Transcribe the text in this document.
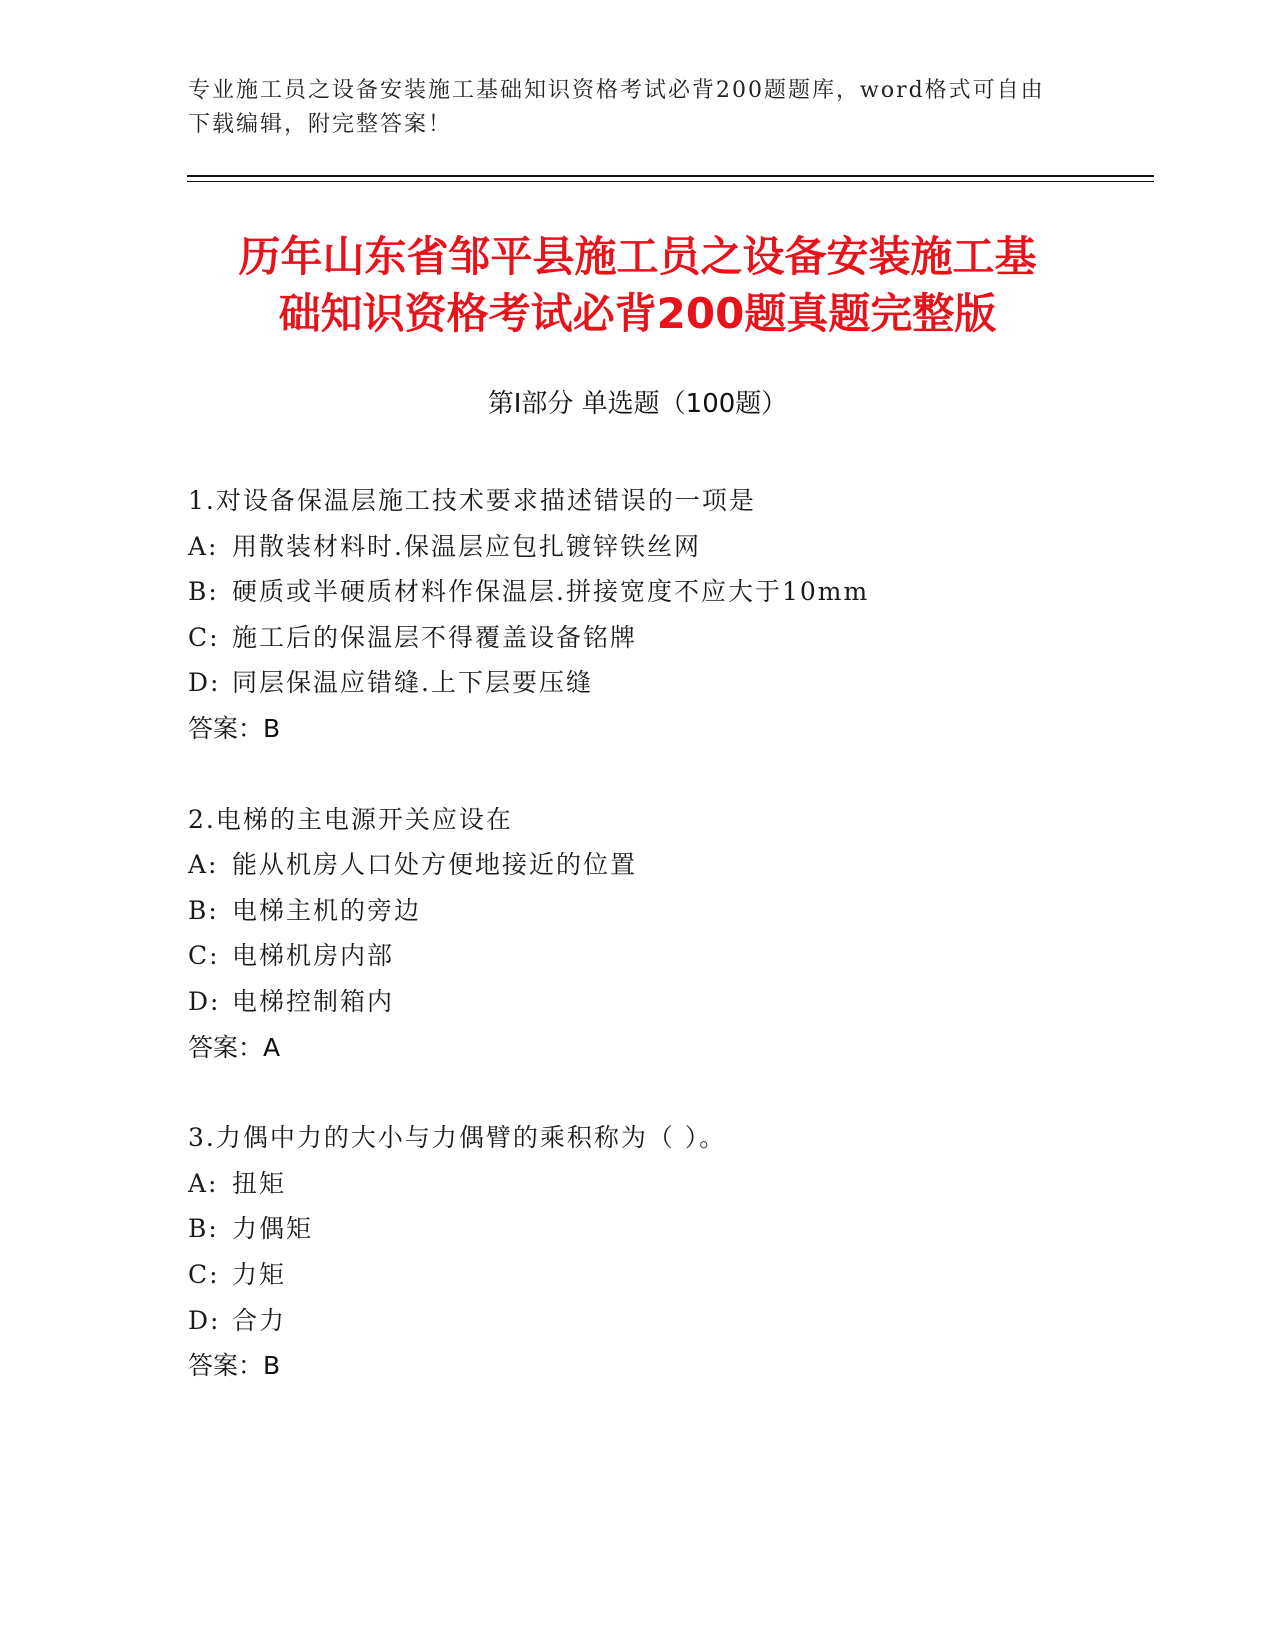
专业施工员之设备安装施工基础知识资格考试必背200题题库，word格式可自由
下载编辑，附完整答案！
历年山东省邹平县施工员之设备安装施工基
础知识资格考试必背200题真题完整版
第Ⅰ部分 单选题（100题）
1.对设备保温层施工技术要求描述错误的一项是
A: 用散装材料时.保温层应包扎镀锌铁丝网
B: 硬质或半硬质材料作保温层.拼接宽度不应大于10mm
C: 施工后的保温层不得覆盖设备铭牌
D: 同层保温应错缝.上下层要压缝
答案：B
2.电梯的主电源开关应设在
A: 能从机房人口处方便地接近的位置
B: 电梯主机的旁边
C: 电梯机房内部
D: 电梯控制箱内
答案：A
3.力偶中力的大小与力偶臂的乘积称为（ ）。
A: 扭矩
B: 力偶矩
C: 力矩
D: 合力
答案：B
